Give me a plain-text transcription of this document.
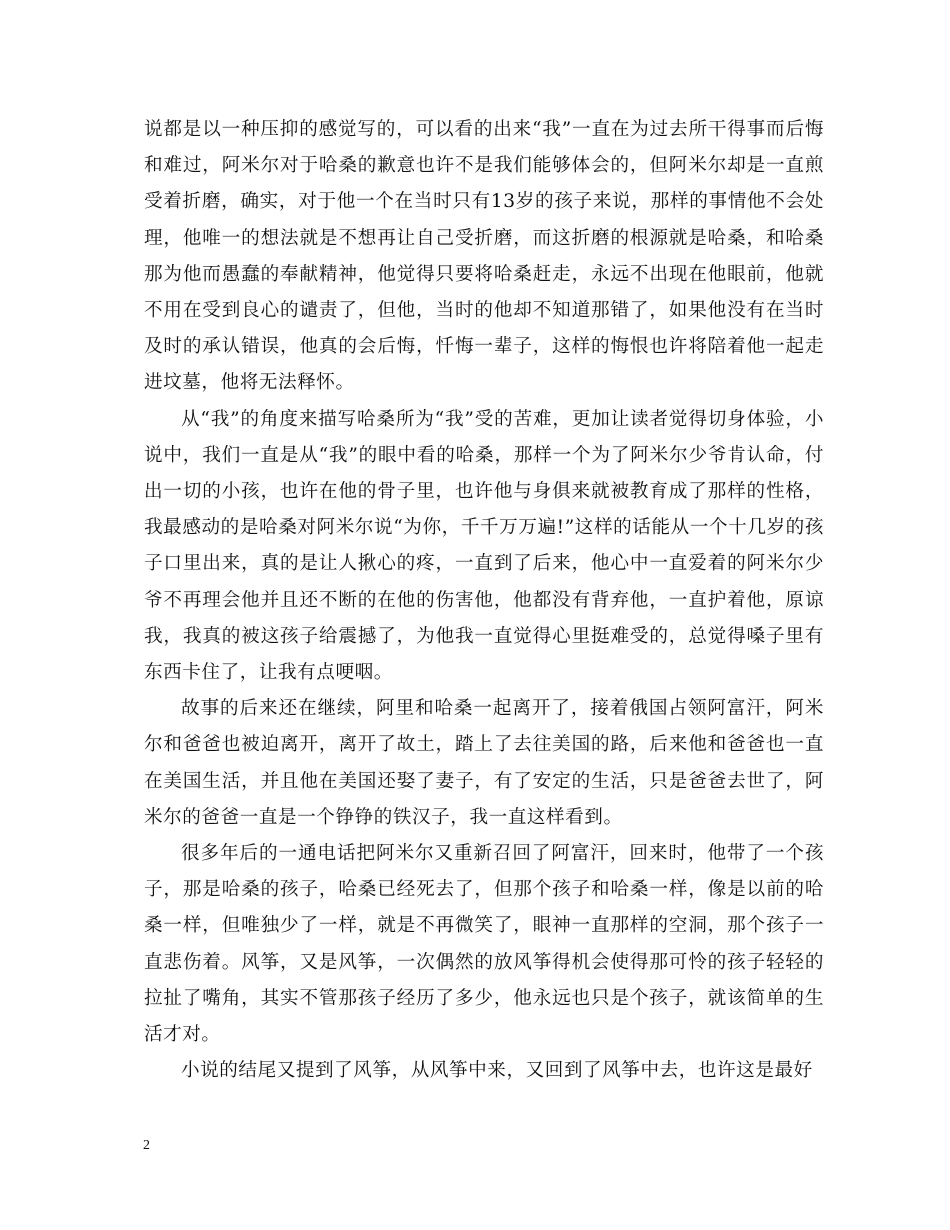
说都是以一种压抑的感觉写的，可以看的出来“我”一直在为过去所干得事而后悔和难过，阿米尔对于哈桑的歉意也许不是我们能够体会的，但阿米尔却是一直煎受着折磨，确实，对于他一个在当时只有13岁的孩子来说，那样的事情他不会处理，他唯一的想法就是不想再让自己受折磨，而这折磨的根源就是哈桑，和哈桑那为他而愚蠢的奉献精神，他觉得只要将哈桑赶走，永远不出现在他眼前，他就不用在受到良心的谴责了，但他，当时的他却不知道那错了，如果他没有在当时及时的承认错误，他真的会后悔，忏悔一辈子，这样的悔恨也许将陪着他一起走进坟墓，他将无法释怀。

从“我”的角度来描写哈桑所为“我”受的苦难，更加让读者觉得切身体验，小说中，我们一直是从“我”的眼中看的哈桑，那样一个为了阿米尔少爷肯认命，付出一切的小孩，也许在他的骨子里，也许他与身俱来就被教育成了那样的性格，我最感动的是哈桑对阿米尔说“为你，千千万万遍!”这样的话能从一个十几岁的孩子口里出来，真的是让人揪心的疼，一直到了后来，他心中一直爱着的阿米尔少爷不再理会他并且还不断的在他的伤害他，他都没有背弃他，一直护着他，原谅我，我真的被这孩子给震撼了，为他我一直觉得心里挺难受的，总觉得嗓子里有东西卡住了，让我有点哽咽。

故事的后来还在继续，阿里和哈桑一起离开了，接着俄国占领阿富汗，阿米尔和爸爸也被迫离开，离开了故土，踏上了去往美国的路，后来他和爸爸也一直在美国生活，并且他在美国还娶了妻子，有了安定的生活，只是爸爸去世了，阿米尔的爸爸一直是一个铮铮的铁汉子，我一直这样看到。

很多年后的一通电话把阿米尔又重新召回了阿富汗，回来时，他带了一个孩子，那是哈桑的孩子，哈桑已经死去了，但那个孩子和哈桑一样，像是以前的哈桑一样，但唯独少了一样，就是不再微笑了，眼神一直那样的空洞，那个孩子一直悲伤着。风筝，又是风筝，一次偶然的放风筝得机会使得那可怜的孩子轻轻的拉扯了嘴角，其实不管那孩子经历了多少，他永远也只是个孩子，就该简单的生活才对。

小说的结尾又提到了风筝，从风筝中来，又回到了风筝中去，也许这是最好

2
